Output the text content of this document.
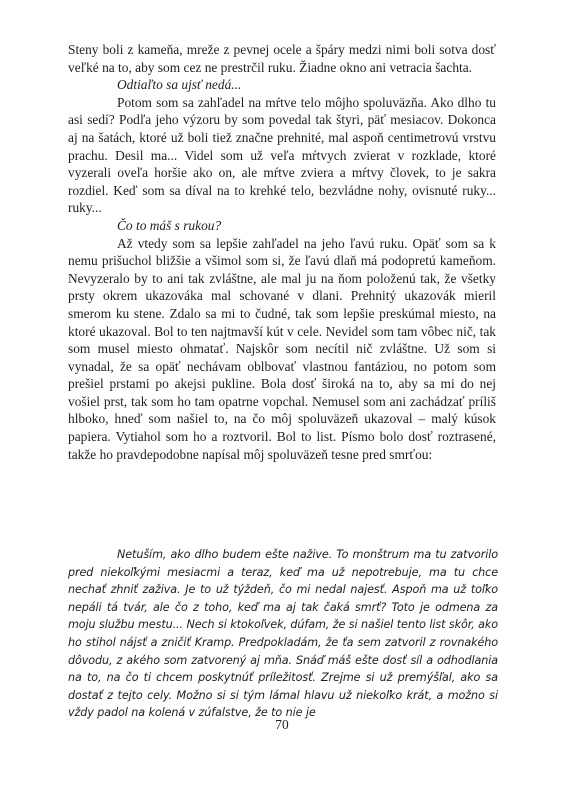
Steny boli z kameňa, mreže z pevnej ocele a špáry medzi nimi boli sotva dosť veľké na to, aby som cez ne prestrčil ruku. Žiadne okno ani vetracia šachta.

Odtiaľto sa ujsť nedá...

Potom som sa zahľadel na mŕtve telo môjho spoluväzňa. Ako dlho tu asi sedí? Podľa jeho výzoru by som povedal tak štyri, päť mesiacov. Dokonca aj na šatách, ktoré už boli tiež značne prehnité, mal aspoň centimetrovú vrstvu prachu. Desil ma... Videl som už veľa mŕtvych zvierat v rozklade, ktoré vyzerali oveľa horšie ako on, ale mŕtve zviera a mŕtvy človek, to je sakra rozdiel. Keď som sa díval na to krehké telo, bezvládne nohy, ovisnuté ruky... ruky...

Čo to máš s rukou?

Až vtedy som sa lepšie zahľadel na jeho ľavú ruku. Opäť som sa k nemu prišuchol bližšie a všimol som si, že ľavú dlaň má podopretú kameňom. Nevyzeralo by to ani tak zvláštne, ale mal ju na ňom položenú tak, že všetky prsty okrem ukazováka mal schované v dlani. Prehnitý ukazovák mieril smerom ku stene. Zdalo sa mi to čudné, tak som lepšie preskúmal miesto, na ktoré ukazoval. Bol to ten najtmavší kút v cele. Nevidel som tam vôbec nič, tak som musel miesto ohmatať. Najskôr som necítil nič zvláštne. Už som si vynadal, že sa opäť nechávam oblbovať vlastnou fantáziou, no potom som prešiel prstami po akejsi pukline. Bola dosť široká na to, aby sa mi do nej vošiel prst, tak som ho tam opatrne vopchal. Nemusel som ani zachádzať príliš hlboko, hneď som našiel to, na čo môj spoluväzeň ukazoval – malý kúsok papiera. Vytiahol som ho a roztvoril. Bol to list. Písmo bolo dosť roztrasené, takže ho pravdepodobne napísal môj spoluväzeň tesne pred smrťou:

Netuším, ako dlho budem ešte nažive. To monštrum ma tu zatvorilo pred niekoľkými mesiacmi a teraz, keď ma už nepotrebuje, ma tu chce nechať zhniť zaživa. Je to už týždeň, čo mi nedal najesť. Aspoň ma už toľko nepáli tá tvár, ale čo z toho, keď ma aj tak čaká smrť? Toto je odmena za moju službu mestu... Nech si ktokoľvek, dúfam, že si našiel tento list skôr, ako ho stihol nájsť a zničiť Kramp. Predpokladám, že ťa sem zatvoril z rovnakého dôvodu, z akého som zatvorený aj mňa. Snáď máš ešte dosť síl a odhodlania na to, na čo ti chcem poskytnúť príležitosť. Zrejme si už premýšľal, ako sa dostať z tejto cely. Možno si si tým lámal hlavu už niekoľko krát, a možno si vždy padol na kolená v zúfalstve, že to nie je

70
